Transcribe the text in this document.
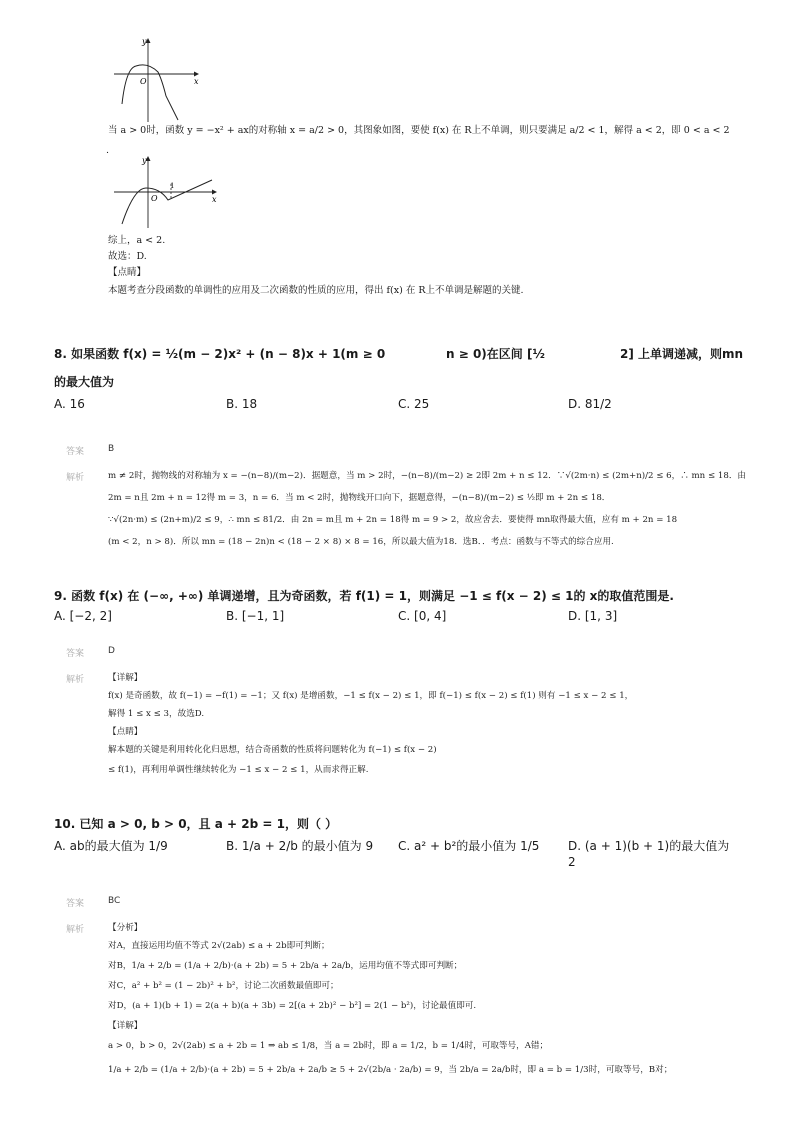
y
O	x
当 a > 0时，函数 y = −x² + ax的对称轴 x = a/2 > 0，其图象如图，要使 f(x) 在 R上不单调，则只要满足 a/2 < 1，解得 a < 2，即 0 < a < 2
.
y
O
1
x
综上，a < 2.
故选：D.
【点睛】
本题考查分段函数的单调性的应用及二次函数的性质的应用，得出 f(x) 在 R上不单调是解题的关键.
8. 如果函数 f(x) = ½(m − 2)x² + (n − 8)x + 1(m ≥ 0	n ≥ 0)在区间 [½	2] 上单调递减，则mn
的最大值为
A. 16	B. 18	C. 25	D. 81/2
答案	B
解析	m ≠ 2时，抛物线的对称轴为 x = −(n−8)/(m−2)．据题意，当 m > 2时，−(n−8)/(m−2) ≥ 2即 2m + n ≤ 12．∵√(2m·n) ≤ (2m+n)/2 ≤ 6，∴ mn ≤ 18．由
2m = n且 2m + n = 12得 m = 3，n = 6．当 m < 2时，抛物线开口向下，据题意得，−(n−8)/(m−2) ≤ ½即 m + 2n ≤ 18．
∵√(2n·m) ≤ (2n+m)/2 ≤ 9，∴ mn ≤ 81/2．由 2n = m且 m + 2n = 18得 m = 9 > 2，故应舍去．要使得 mn取得最大值，应有 m + 2n = 18
(m < 2，n > 8)．所以 mn = (18 − 2n)n < (18 − 2 × 8) × 8 = 16，所以最大值为18．选B．．考点：函数与不等式的综合应用.
9. 函数 f(x) 在 (−∞, +∞) 单调递增，且为奇函数，若 f(1) = 1，则满足 −1 ≤ f(x − 2) ≤ 1的 x的取值范围是.
A. [−2, 2]	B. [−1, 1]	C. [0, 4]	D. [1, 3]
答案	D
解析	【详解】
f(x) 是奇函数，故 f(−1) = −f(1) = −1；又 f(x) 是增函数，−1 ≤ f(x − 2) ≤ 1，即 f(−1) ≤ f(x − 2) ≤ f(1) 则有 −1 ≤ x − 2 ≤ 1，
解得 1 ≤ x ≤ 3，故选D.
【点睛】
解本题的关键是利用转化化归思想，结合奇函数的性质将问题转化为 f(−1) ≤ f(x − 2)
≤ f(1)，再利用单调性继续转化为 −1 ≤ x − 2 ≤ 1，从而求得正解.
10. 已知 a > 0, b > 0，且 a + 2b = 1，则（ ）
A. ab的最大值为 1/9	B. 1/a + 2/b 的最小值为 9 C. a² + b²的最小值为 1/5 D. (a + 1)(b + 1)的最大值为 2
答案	BC
解析	【分析】
对A，直接运用均值不等式 2√(2ab) ≤ a + 2b即可判断；
对B，1/a + 2/b = (1/a + 2/b)·(a + 2b) = 5 + 2b/a + 2a/b，运用均值不等式即可判断；
对C，a² + b² = (1 − 2b)² + b²，讨论二次函数最值即可；
对D，(a + 1)(b + 1) = 2(a + b)(a + 3b) = 2[(a + 2b)² − b²] = 2(1 − b²)，讨论最值即可.
【详解】
a > 0，b > 0，2√(2ab) ≤ a + 2b = 1 ⇒ ab ≤ 1/8，当 a = 2b时，即 a = 1/2，b = 1/4时，可取等号，A错；
1/a + 2/b = (1/a + 2/b)·(a + 2b) = 5 + 2b/a + 2a/b ≥ 5 + 2√(2b/a · 2a/b) = 9，当 2b/a = 2a/b时，即 a = b = 1/3时，可取等号，B对；
